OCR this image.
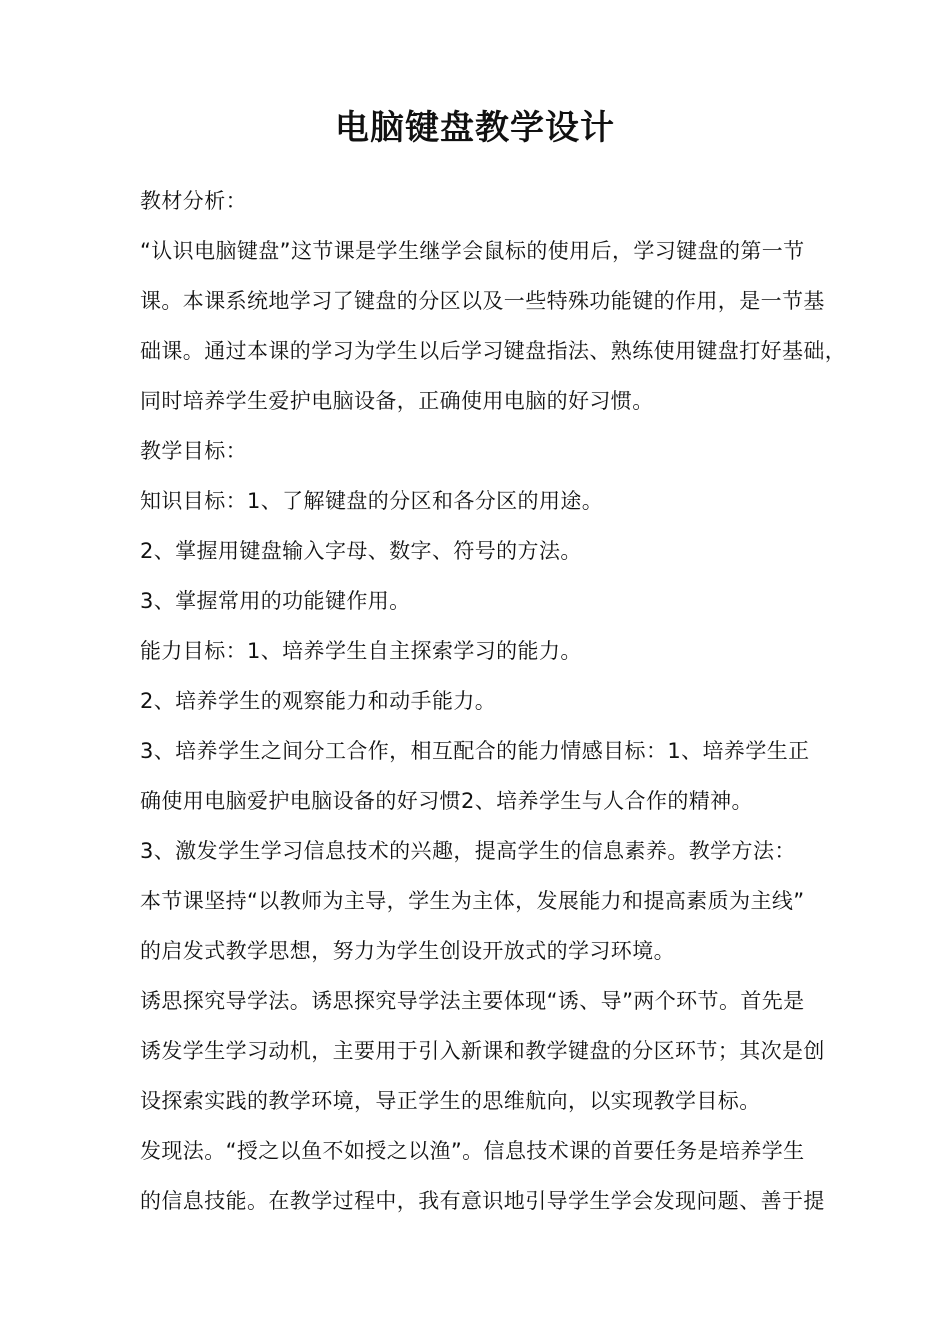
电脑键盘教学设计
教材分析：
“认识电脑键盘”这节课是学生继学会鼠标的使用后，学习键盘的第一节
课。本课系统地学习了键盘的分区以及一些特殊功能键的作用，是一节基
础课。通过本课的学习为学生以后学习键盘指法、熟练使用键盘打好基础，
同时培养学生爱护电脑设备，正确使用电脑的好习惯。
教学目标：
知识目标：1、了解键盘的分区和各分区的用途。
2、掌握用键盘输入字母、数字、符号的方法。
3、掌握常用的功能键作用。
能力目标：1、培养学生自主探索学习的能力。
2、培养学生的观察能力和动手能力。
3、培养学生之间分工合作，相互配合的能力情感目标：1、培养学生正
确使用电脑爱护电脑设备的好习惯2、培养学生与人合作的精神。
3、激发学生学习信息技术的兴趣，提高学生的信息素养。教学方法：
本节课坚持“以教师为主导，学生为主体，发展能力和提高素质为主线”
的启发式教学思想，努力为学生创设开放式的学习环境。
诱思探究导学法。诱思探究导学法主要体现“诱、导”两个环节。首先是
诱发学生学习动机，主要用于引入新课和教学键盘的分区环节；其次是创
设探索实践的教学环境，导正学生的思维航向，以实现教学目标。
发现法。“授之以鱼不如授之以渔”。信息技术课的首要任务是培养学生
的信息技能。在教学过程中，我有意识地引导学生学会发现问题、善于提
